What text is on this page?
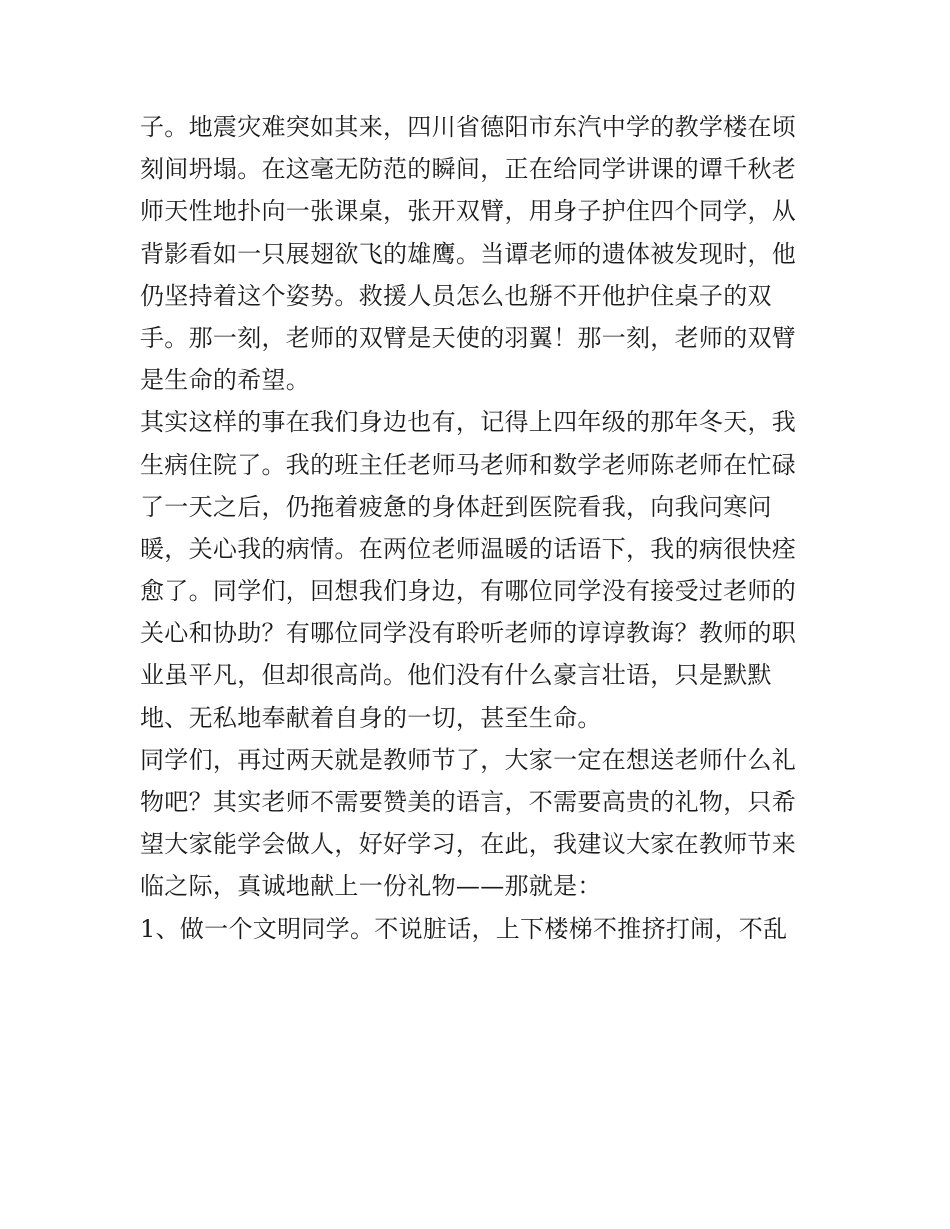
子。地震灾难突如其来，四川省德阳市东汽中学的教学楼在顷
刻间坍塌。在这毫无防范的瞬间，正在给同学讲课的谭千秋老
师天性地扑向一张课桌，张开双臂，用身子护住四个同学，从
背影看如一只展翅欲飞的雄鹰。当谭老师的遗体被发现时，他
仍坚持着这个姿势。救援人员怎么也掰不开他护住桌子的双
手。那一刻，老师的双臂是天使的羽翼！那一刻，老师的双臂
是生命的希望。
其实这样的事在我们身边也有，记得上四年级的那年冬天，我
生病住院了。我的班主任老师马老师和数学老师陈老师在忙碌
了一天之后，仍拖着疲惫的身体赶到医院看我，向我问寒问
暖，关心我的病情。在两位老师温暖的话语下，我的病很快痊
愈了。同学们，回想我们身边，有哪位同学没有接受过老师的
关心和协助？有哪位同学没有聆听老师的谆谆教诲？教师的职
业虽平凡，但却很高尚。他们没有什么豪言壮语，只是默默
地、无私地奉献着自身的一切，甚至生命。
同学们，再过两天就是教师节了，大家一定在想送老师什么礼
物吧？其实老师不需要赞美的语言，不需要高贵的礼物，只希
望大家能学会做人，好好学习，在此，我建议大家在教师节来
临之际，真诚地献上一份礼物——那就是：
1、做一个文明同学。不说脏话，上下楼梯不推挤打闹，不乱
